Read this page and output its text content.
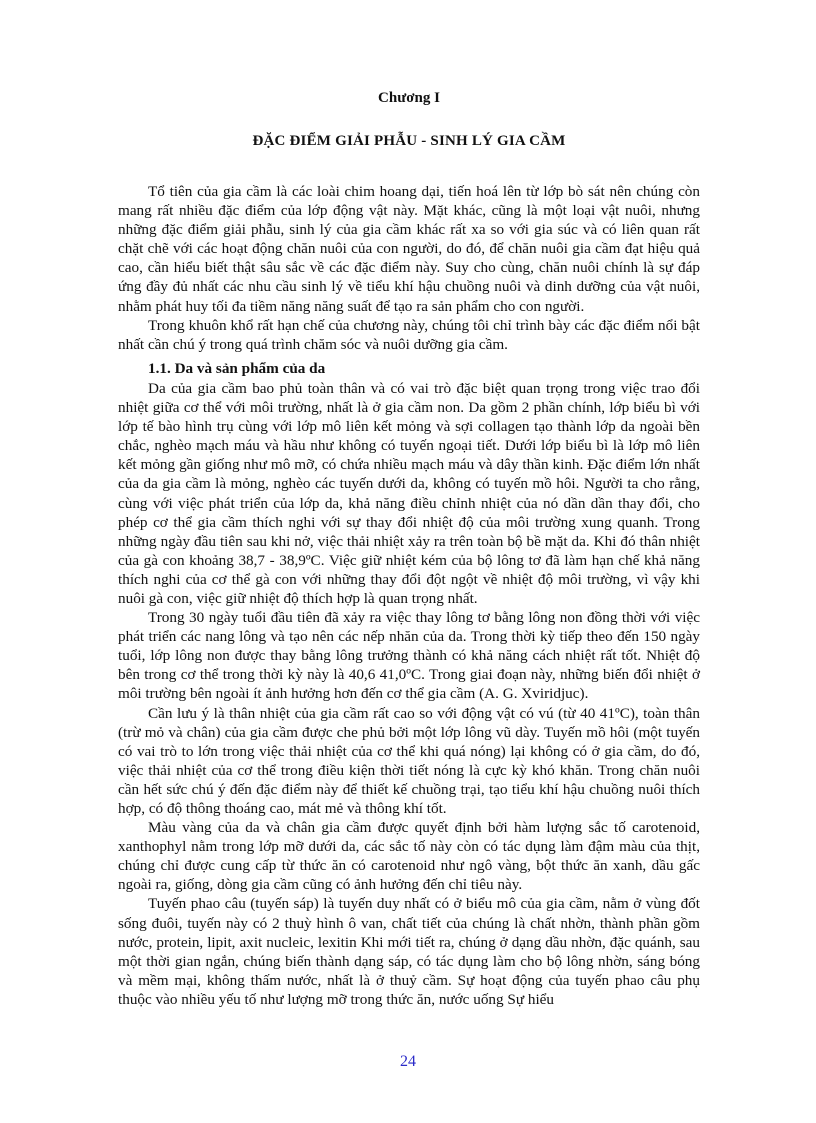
Chương I
ĐẶC ĐIỂM GIẢI PHẪU - SINH LÝ GIA CẦM

Tổ tiên của gia cầm là các loài chim hoang dại, tiến hoá lên từ lớp bò sát nên chúng còn mang rất nhiều đặc điểm của lớp động vật này. Mặt khác, cũng là một loại vật nuôi, nhưng những đặc điểm giải phẫu, sinh lý của gia cầm khác rất xa so với gia súc và có liên quan rất chặt chẽ với các hoạt động chăn nuôi của con người, do đó, để chăn nuôi gia cầm đạt hiệu quả cao, cần hiểu biết thật sâu sắc về các đặc điểm này. Suy cho cùng, chăn nuôi chính là sự đáp ứng đầy đủ nhất các nhu cầu sinh lý về tiểu khí hậu chuồng nuôi và dinh dưỡng của vật nuôi, nhằm phát huy tối đa tiềm năng năng suất để tạo ra sản phẩm cho con người.

Trong khuôn khổ rất hạn chế của chương này, chúng tôi chỉ trình bày các đặc điểm nổi bật nhất cần chú ý trong quá trình chăm sóc và nuôi dưỡng gia cầm.

1.1. Da và sản phẩm của da

Da của gia cầm bao phủ toàn thân và có vai trò đặc biệt quan trọng trong việc trao đổi nhiệt giữa cơ thể với môi trường, nhất là ở gia cầm non. Da gồm 2 phần chính, lớp biểu bì với lớp tế bào hình trụ cùng với lớp mô liên kết mỏng và sợi collagen tạo thành lớp da ngoài bền chắc, nghèo mạch máu và hầu như không có tuyến ngoại tiết. Dưới lớp biểu bì là lớp mô liên kết mỏng gần giống như mô mỡ, có chứa nhiều mạch máu và dây thần kinh. Đặc điểm lớn nhất của da gia cầm là mỏng, nghèo các tuyến dưới da, không có tuyến mồ hôi. Người ta cho rằng, cùng với việc phát triển của lớp da, khả năng điều chỉnh nhiệt của nó dần dần thay đổi, cho phép cơ thể gia cầm thích nghi với sự thay đổi nhiệt độ của môi trường xung quanh. Trong những ngày đầu tiên sau khi nở, việc thải nhiệt xảy ra trên toàn bộ bề mặt da. Khi đó thân nhiệt của gà con khoảng 38,7 - 38,9ºC. Việc giữ nhiệt kém của bộ lông tơ đã làm hạn chế khả năng thích nghi của cơ thể gà con với những thay đổi đột ngột về nhiệt độ môi trường, vì vậy khi nuôi gà con, việc giữ nhiệt độ thích hợp là quan trọng nhất.

Trong 30 ngày tuổi đầu tiên đã xảy ra việc thay lông tơ bằng lông non đồng thời với việc phát triển các nang lông và tạo nên các nếp nhăn của da. Trong thời kỳ tiếp theo đến 150 ngày tuổi, lớp lông non được thay bằng lông trưởng thành có khả năng cách nhiệt rất tốt. Nhiệt độ bên trong cơ thể trong thời kỳ này là 40,6 41,0ºC. Trong giai đoạn này, những biến đổi nhiệt ở môi trường bên ngoài ít ảnh hưởng hơn đến cơ thể gia cầm (A. G. Xviridjuc).

Cần lưu ý là thân nhiệt của gia cầm rất cao so với động vật có vú (từ 40 41ºC), toàn thân (trừ mỏ và chân) của gia cầm được che phủ bởi một lớp lông vũ dày. Tuyến mồ hôi (một tuyến có vai trò to lớn trong việc thải nhiệt của cơ thể khi quá nóng) lại không có ở gia cầm, do đó, việc thải nhiệt của cơ thể trong điều kiện thời tiết nóng là cực kỳ khó khăn. Trong chăn nuôi cần hết sức chú ý đến đặc điểm này để thiết kế chuồng trại, tạo tiểu khí hậu chuồng nuôi thích hợp, có độ thông thoáng cao, mát mẻ và thông khí tốt.

Màu vàng của da và chân gia cầm được quyết định bởi hàm lượng sắc tố carotenoid, xanthophyl nằm trong lớp mỡ dưới da, các sắc tố này còn có tác dụng làm đậm màu của thịt, chúng chỉ được cung cấp từ thức ăn có carotenoid như ngô vàng, bột thức ăn xanh, dầu gấc ngoài ra, giống, dòng gia cầm cũng có ảnh hưởng đến chỉ tiêu này.

Tuyến phao câu (tuyến sáp) là tuyến duy nhất có ở biểu mô của gia cầm, nằm ở vùng đốt sống đuôi, tuyến này có 2 thuỳ hình ô van, chất tiết của chúng là chất nhờn, thành phần gồm nước, protein, lipit, axit nucleic, lexitin Khi mới tiết ra, chúng ở dạng dầu nhờn, đặc quánh, sau một thời gian ngắn, chúng biến thành dạng sáp, có tác dụng làm cho bộ lông nhờn, sáng bóng và mềm mại, không thấm nước, nhất là ở thuỷ cầm. Sự hoạt động của tuyến phao câu phụ thuộc vào nhiều yếu tố như lượng mỡ trong thức ăn, nước uống Sự hiểu

24
